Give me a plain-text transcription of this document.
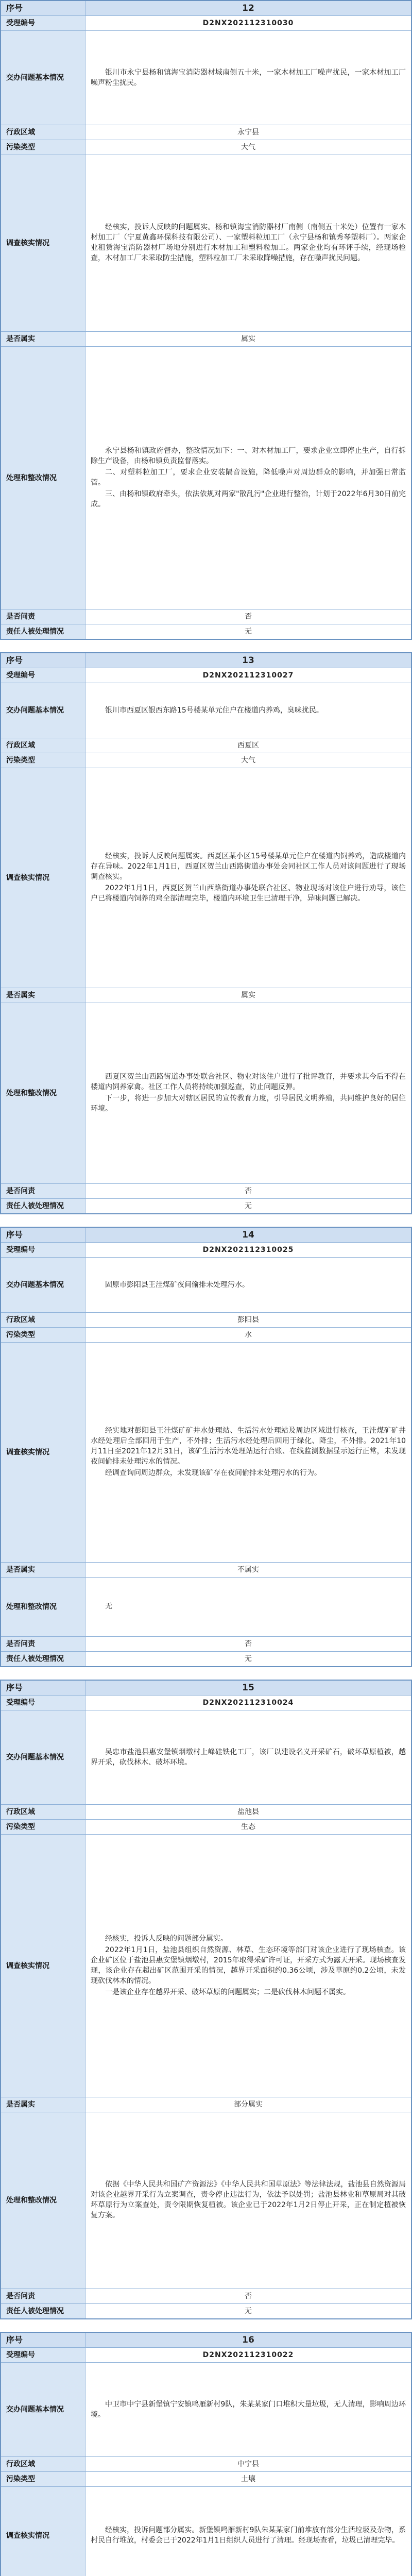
序号	12
受理编号	D2NX202112310030
交办问题基本情况	银川市永宁县杨和镇海宝消防器材城南侧五十米，一家木材加工厂噪声扰民，一家木材加工厂噪声粉尘扰民。
行政区域	永宁县
污染类型	大气
调查核实情况	经核实，投诉人反映的问题属实。杨和镇海宝消防器材厂南侧（南侧五十米处）位置有一家木材加工厂（宁夏黄鑫环保科技有限公司）、一家塑料粒加工厂（永宁县杨和镇秀琴塑料厂）。两家企业租赁海宝消防器材厂场地分别进行木材加工和塑料粒加工。两家企业均有环评手续，经现场检查，木材加工厂未采取防尘措施，塑料粒加工厂未采取降噪措施，存在噪声扰民问题。

是否属实	属实
处理和整改情况	永宁县杨和镇政府督办，整改情况如下：一、对木材加工厂，要求企业立即停止生产，自行拆除生产设备，由杨和镇负责监督落实。

二、对塑料粒加工厂，要求企业安装隔音设施，降低噪声对周边群众的影响，并加强日常监管。

三、由杨和镇政府牵头，依法依规对两家"散乱污"企业进行整治，计划于2022年6月30日前完成。

是否问责	否
责任人被处理情况	无
序号	13
受理编号	D2NX202112310027
交办问题基本情况	银川市西夏区银西东路15号楼某单元住户在楼道内养鸡，臭味扰民。
行政区域	西夏区
污染类型	大气
调查核实情况	经核实，投诉人反映问题属实。西夏区某小区15号楼某单元住户在楼道内饲养鸡，造成楼道内存在异味。2022年1月1日，西夏区贺兰山西路街道办事处会同社区工作人员对该问题进行了现场调查核实。

2022年1月1日，西夏区贺兰山西路街道办事处联合社区、物业现场对该住户进行劝导，该住户已将楼道内饲养的鸡全部清理完毕，楼道内环境卫生已清理干净，异味问题已解决。

是否属实	属实
处理和整改情况	西夏区贺兰山西路街道办事处联合社区、物业对该住户进行了批评教育，并要求其今后不得在楼道内饲养家禽。社区工作人员将持续加强巡查，防止问题反弹。

下一步，将进一步加大对辖区居民的宣传教育力度，引导居民文明养殖，共同维护良好的居住环境。

是否问责	否
责任人被处理情况	无
序号	14
受理编号	D2NX202112310025
交办问题基本情况	固原市彭阳县王洼煤矿夜间偷排未处理污水。
行政区域	彭阳县
污染类型	水
调查核实情况	经实地对彭阳县王洼煤矿矿井水处理站、生活污水处理站及周边区域进行核查，王洼煤矿矿井水经处理后全部回用于生产，不外排；生活污水经处理后回用于绿化、降尘，不外排。2021年10月11日至2021年12月31日，该矿生活污水处理站运行台账、在线监测数据显示运行正常，未发现夜间偷排未处理污水的情况。

经调查询问周边群众，未发现该矿存在夜间偷排未处理污水的行为。

是否属实	不属实
处理和整改情况	无

是否问责	否
责任人被处理情况	无
序号	15
受理编号	D2NX202112310024
交办问题基本情况	吴忠市盐池县惠安堡镇烟墩村上峰硅铁化工厂，该厂以建设名义开采矿石，破坏草原植被，越界开采，砍伐林木、破坏环境。
行政区域	盐池县
污染类型	生态
调查核实情况	经核实，投诉人反映的问题部分属实。

2022年1月1日，盐池县组织自然资源、林草、生态环境等部门对该企业进行了现场核查。该企业矿区位于盐池县惠安堡镇烟墩村，2015年取得采矿许可证，开采方式为露天开采。现场核查发现，该企业存在超出矿区范围开采的情况，越界开采面积约0.36公顷，涉及草原约0.2公顷，未发现砍伐林木的情况。

一是该企业存在越界开采、破坏草原的问题属实；二是砍伐林木问题不属实。

是否属实	部分属实
处理和整改情况	依据《中华人民共和国矿产资源法》《中华人民共和国草原法》等法律法规，盐池县自然资源局对该企业越界开采行为立案调查，责令停止违法行为，依法予以处罚；盐池县林业和草原局对其破坏草原行为立案查处，责令限期恢复植被。该企业已于2022年1月2日停止开采，正在制定植被恢复方案。

是否问责	否
责任人被处理情况	无
序号	16
受理编号	D2NX202112310022
交办问题基本情况	中卫市中宁县新堡镇宁安镇鸣雁新村9队，朱某某家门口堆积大量垃圾，无人清理，影响周边环境。
行政区域	中宁县
污染类型	土壤
调查核实情况	经核实，投诉问题部分属实。新堡镇鸣雁新村9队朱某某家门前堆放有部分生活垃圾及杂物，系村民自行堆放，村委会已于2022年1月1日组织人员进行了清理。经现场查看，垃圾已清理完毕。
